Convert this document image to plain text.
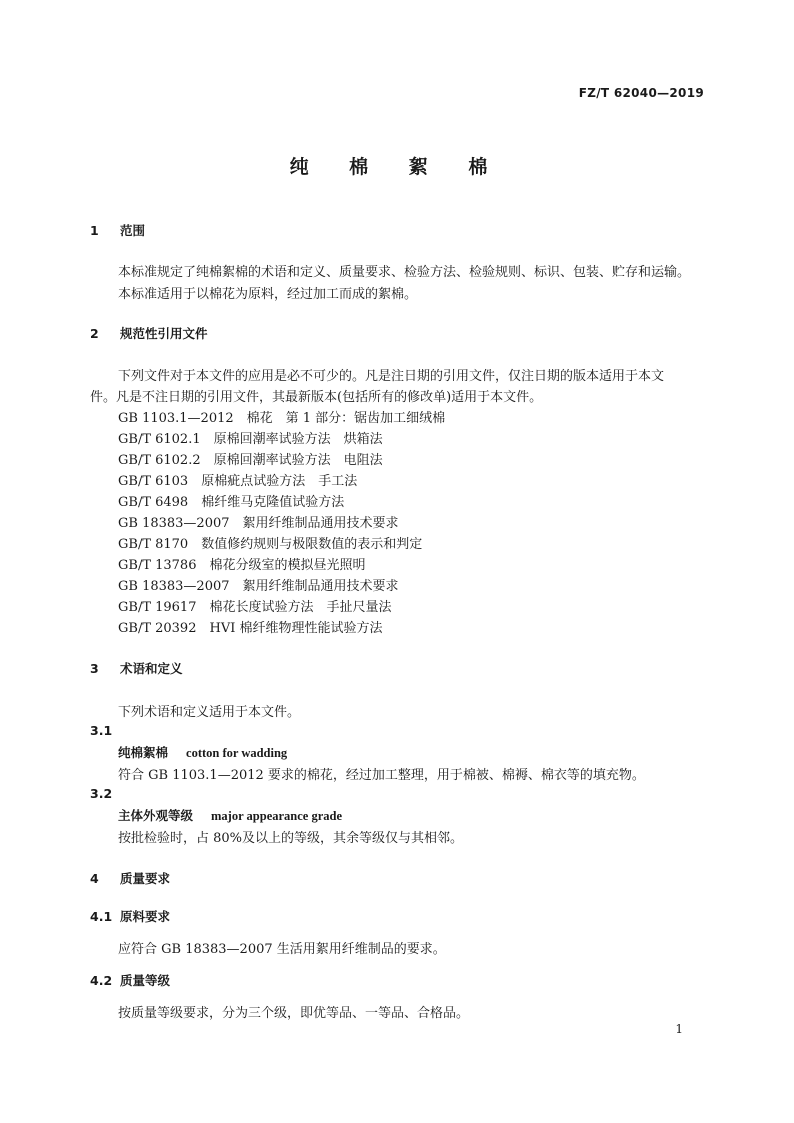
FZ/T 62040—2019
纯 棉 絮 棉
1 范围
本标准规定了纯棉絮棉的术语和定义、质量要求、检验方法、检验规则、标识、包装、贮存和运输。
本标准适用于以棉花为原料，经过加工而成的絮棉。
2 规范性引用文件
下列文件对于本文件的应用是必不可少的。凡是注日期的引用文件，仅注日期的版本适用于本文
件。凡是不注日期的引用文件，其最新版本(包括所有的修改单)适用于本文件。
GB 1103.1—2012　棉花　第 1 部分：锯齿加工细绒棉
GB/T 6102.1　原棉回潮率试验方法　烘箱法
GB/T 6102.2　原棉回潮率试验方法　电阻法
GB/T 6103　原棉疵点试验方法　手工法
GB/T 6498　棉纤维马克隆值试验方法
GB 18383—2007　絮用纤维制品通用技术要求
GB/T 8170　数值修约规则与极限数值的表示和判定
GB/T 13786　棉花分级室的模拟昼光照明
GB 18383—2007　絮用纤维制品通用技术要求
GB/T 19617　棉花长度试验方法　手扯尺量法
GB/T 20392　HVI 棉纤维物理性能试验方法
3 术语和定义
下列术语和定义适用于本文件。
3.1
纯棉絮棉 cotton for wadding
符合 GB 1103.1—2012 要求的棉花，经过加工整理，用于棉被、棉褥、棉衣等的填充物。
3.2
主体外观等级 major appearance grade
按批检验时，占 80%及以上的等级，其余等级仅与其相邻。
4 质量要求
4.1 原料要求
应符合 GB 18383—2007 生活用絮用纤维制品的要求。
4.2 质量等级
按质量等级要求，分为三个级，即优等品、一等品、合格品。
1
